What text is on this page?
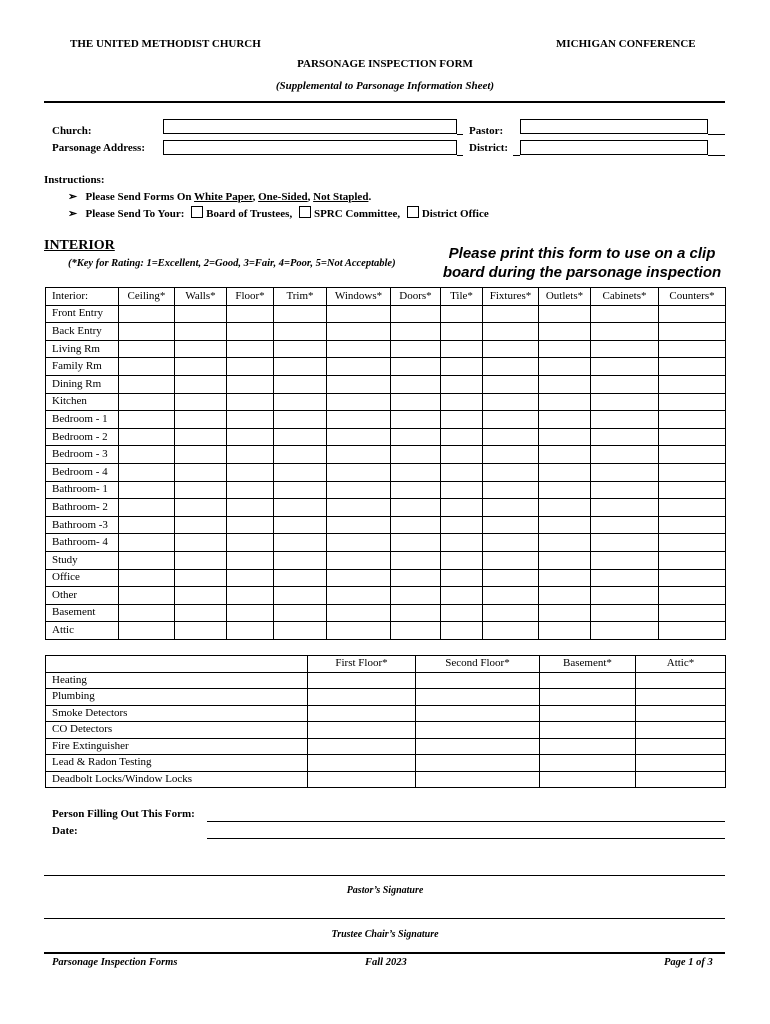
THE UNITED METHODIST CHURCH	MICHIGAN CONFERENCE
PARSONAGE INSPECTION FORM
(Supplemental to Parsonage Information Sheet)
Church:
Parsonage Address:
Pastor:
District:
Instructions:
➢ Please Send Forms On White Paper, One-Sided, Not Stapled.
➢ Please Send To Your: Board of Trustees, SPRC Committee, District Office
INTERIOR
(*Key for Rating: 1=Excellent, 2=Good, 3=Fair, 4=Poor, 5=Not Acceptable)
Please print this form to use on a clip
board during the parsonage inspection
Interior:	Ceiling*	Walls*	Floor*	Trim*	Windows*	Doors*	Tile*	Fixtures*	Outlets*	Cabinets*	Counters*
Front Entry											
Back Entry											
Living Rm											
Family Rm											
Dining Rm											
Kitchen											
Bedroom - 1											
Bedroom - 2											
Bedroom - 3											
Bedroom - 4											
Bathroom- 1											
Bathroom- 2											
Bathroom -3											
Bathroom- 4											
Study											
Office											
Other											
Basement											
Attic											
	First Floor*	Second Floor*	Basement*	Attic*
Heating				
Plumbing				
Smoke Detectors				
CO Detectors				
Fire Extinguisher				
Lead & Radon Testing				
Deadbolt Locks/Window Locks				
Person Filling Out This Form:
Date:
Pastor’s Signature
Trustee Chair’s Signature
Parsonage Inspection Forms	Fall 2023	Page 1 of 3
